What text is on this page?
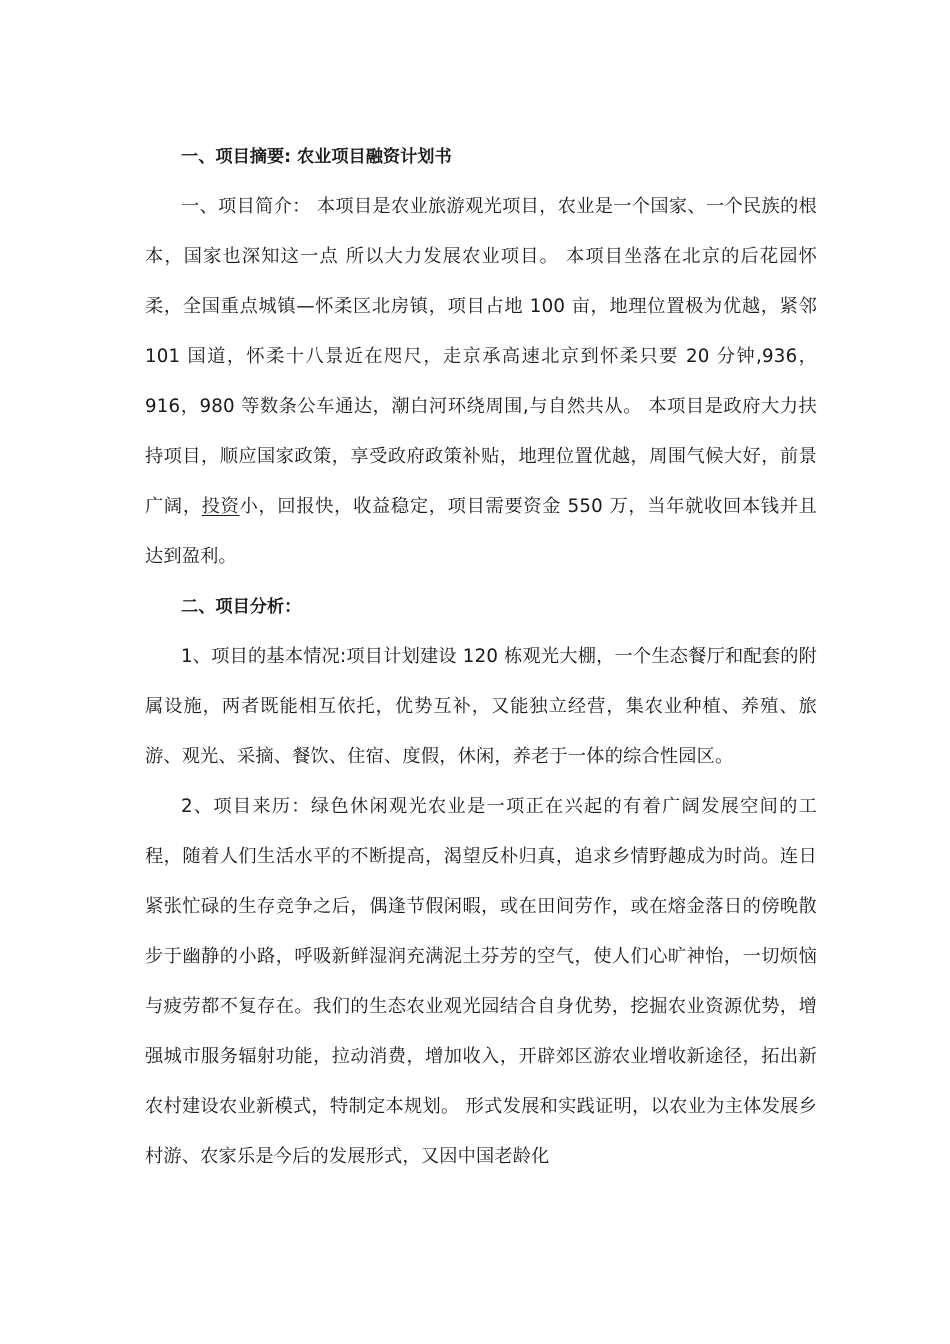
一、项目摘要: 农业项目融资计划书

一、项目简介： 本项目是农业旅游观光项目，农业是一个国家、一个民族的根本，国家也深知这一点 所以大力发展农业项目。 本项目坐落在北京的后花园怀柔，全国重点城镇—怀柔区北房镇，项目占地 100 亩，地理位置极为优越，紧邻 101 国道，怀柔十八景近在咫尺，走京承高速北京到怀柔只要 20 分钟,936，916，980 等数条公车通达，潮白河环绕周围,与自然共从。 本项目是政府大力扶持项目，顺应国家政策，享受政府政策补贴，地理位置优越，周围气候大好，前景广阔，投资小，回报快，收益稳定，项目需要资金 550 万，当年就收回本钱并且达到盈利。

二、项目分析：

1、项目的基本情况:项目计划建设 120 栋观光大棚，一个生态餐厅和配套的附属设施，两者既能相互依托，优势互补，又能独立经营，集农业种植、养殖、旅游、观光、采摘、餐饮、住宿、度假，休闲，养老于一体的综合性园区。

2、项目来历：绿色休闲观光农业是一项正在兴起的有着广阔发展空间的工程，随着人们生活水平的不断提高，渴望反朴归真，追求乡情野趣成为时尚。连日紧张忙碌的生存竞争之后，偶逢节假闲暇，或在田间劳作，或在熔金落日的傍晚散步于幽静的小路，呼吸新鲜湿润充满泥土芬芳的空气，使人们心旷神怡，一切烦恼与疲劳都不复存在。我们的生态农业观光园结合自身优势，挖掘农业资源优势，增强城市服务辐射功能，拉动消费，增加收入，开辟郊区游农业增收新途径，拓出新农村建设农业新模式，特制定本规划。 形式发展和实践证明，以农业为主体发展乡村游、农家乐是今后的发展形式，又因中国老龄化
